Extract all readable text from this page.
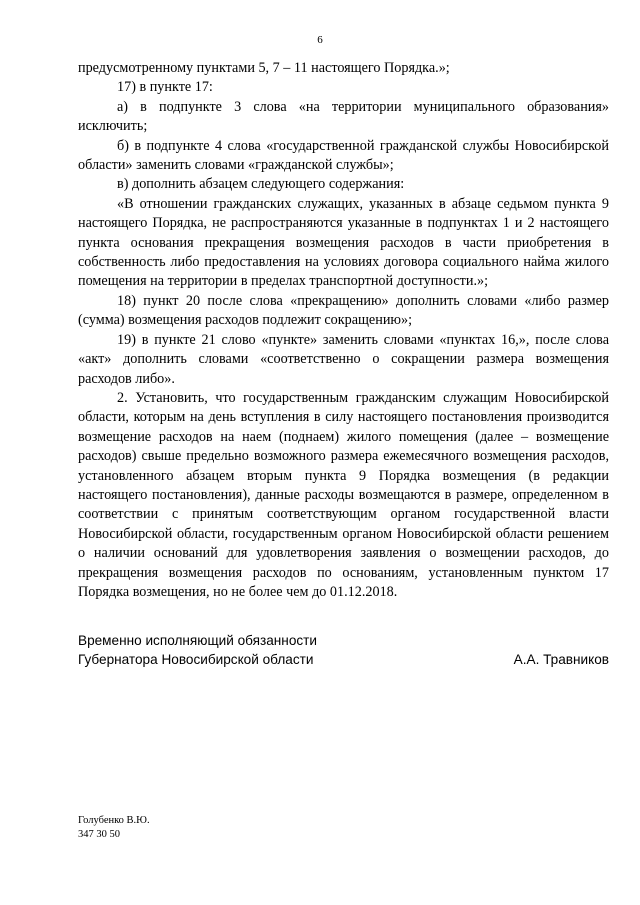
6

предусмотренному пунктами 5, 7 – 11 настоящего Порядка.»;

17) в пункте 17:

а) в подпункте 3 слова «на территории муниципального образования» исключить;

б) в подпункте 4 слова «государственной гражданской службы Новосибирской области» заменить словами «гражданской службы»;

в) дополнить абзацем следующего содержания:

«В отношении гражданских служащих, указанных в абзаце седьмом пункта 9 настоящего Порядка, не распространяются указанные в подпунктах 1 и 2 настоящего пункта основания прекращения возмещения расходов в части приобретения в собственность либо предоставления на условиях договора социального найма жилого помещения на территории в пределах транспортной доступности.»;

18) пункт 20 после слова «прекращению» дополнить словами «либо размер (сумма) возмещения расходов подлежит сокращению»;

19) в пункте 21 слово «пункте» заменить словами «пунктах 16,», после слова «акт» дополнить словами «соответственно о сокращении размера возмещения расходов либо».

2. Установить, что государственным гражданским служащим Новосибирской области, которым на день вступления в силу настоящего постановления производится возмещение расходов на наем (поднаем) жилого помещения (далее – возмещение расходов) свыше предельно возможного размера ежемесячного возмещения расходов, установленного абзацем вторым пункта 9 Порядка возмещения (в редакции настоящего постановления), данные расходы возмещаются в размере, определенном в соответствии с принятым соответствующим органом государственной власти Новосибирской области, государственным органом Новосибирской области решением о наличии оснований для удовлетворения заявления о возмещении расходов, до прекращения возмещения расходов по основаниям, установленным пунктом 17 Порядка возмещения, но не более чем до 01.12.2018.

Временно исполняющий обязанности
Губернатора Новосибирской области	А.А. Травников
Голубенко В.Ю.
347 30 50
